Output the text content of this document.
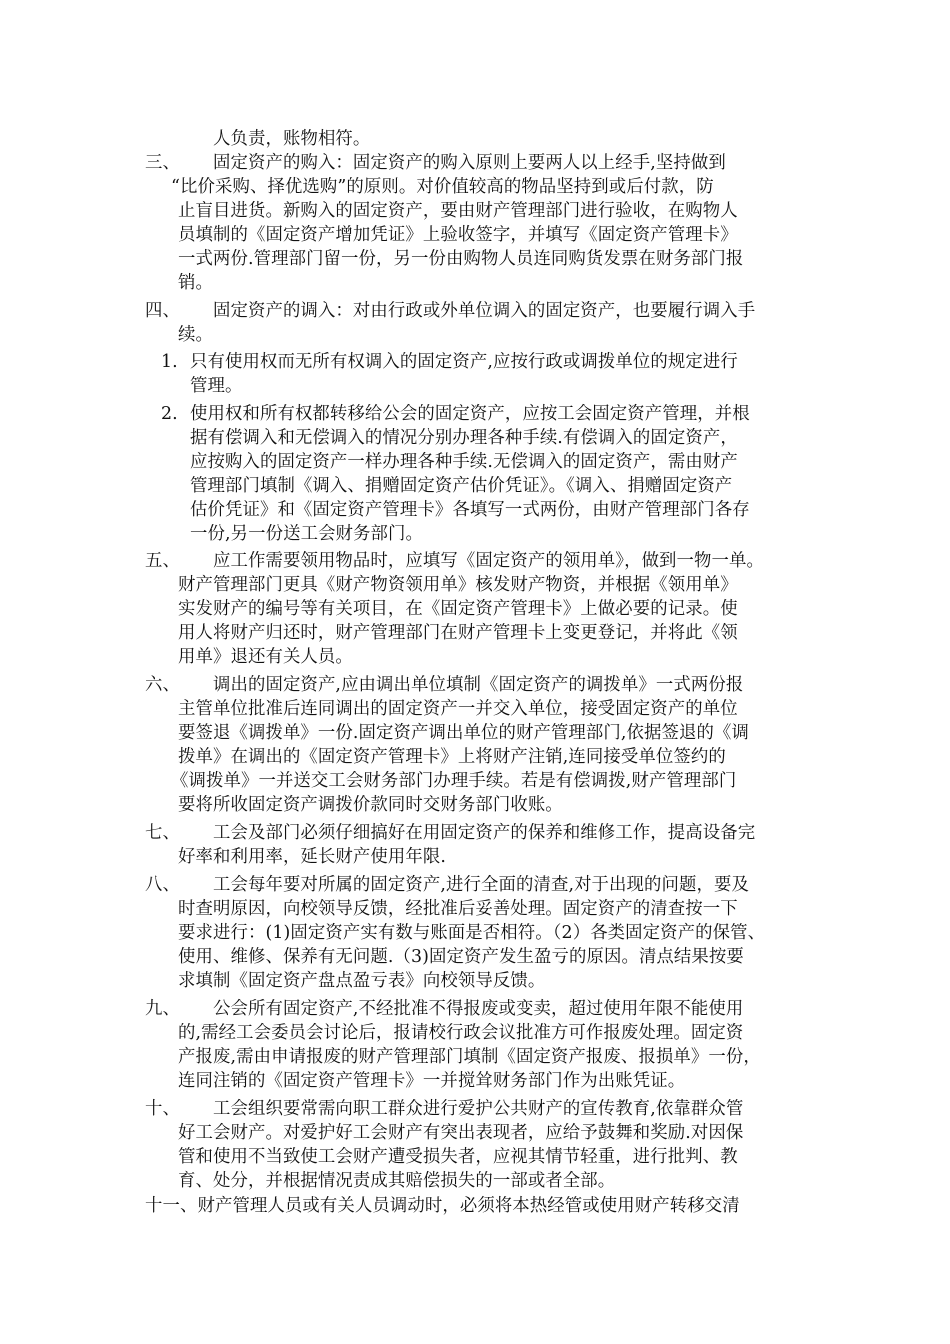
人负责，账物相符。
三、 固定资产的购入：固定资产的购入原则上要两人以上经手,坚持做到
“比价采购、择优选购”的原则。对价值较高的物品坚持到或后付款，防
止盲目进货。新购入的固定资产，要由财产管理部门进行验收，在购物人
员填制的《固定资产增加凭证》上验收签字，并填写《固定资产管理卡》
一式两份.管理部门留一份，另一份由购物人员连同购货发票在财务部门报
销。
四、 固定资产的调入：对由行政或外单位调入的固定资产，也要履行调入手
续。
1. 只有使用权而无所有权调入的固定资产,应按行政或调拨单位的规定进行
管理。
2. 使用权和所有权都转移给公会的固定资产，应按工会固定资产管理，并根
据有偿调入和无偿调入的情况分别办理各种手续.有偿调入的固定资产，
应按购入的固定资产一样办理各种手续.无偿调入的固定资产，需由财产
管理部门填制《调入、捐赠固定资产估价凭证》。《调入、捐赠固定资产
估价凭证》和《固定资产管理卡》各填写一式两份，由财产管理部门各存
一份,另一份送工会财务部门。
五、 应工作需要领用物品时，应填写《固定资产的领用单》，做到一物一单。
财产管理部门更具《财产物资领用单》核发财产物资，并根据《领用单》
实发财产的编号等有关项目，在《固定资产管理卡》上做必要的记录。使
用人将财产归还时，财产管理部门在财产管理卡上变更登记，并将此《领
用单》退还有关人员。
六、 调出的固定资产,应由调出单位填制《固定资产的调拨单》一式两份报
主管单位批准后连同调出的固定资产一并交入单位，接受固定资产的单位
要签退《调拨单》一份.固定资产调出单位的财产管理部门,依据签退的《调
拨单》在调出的《固定资产管理卡》上将财产注销,连同接受单位签约的
《调拨单》一并送交工会财务部门办理手续。若是有偿调拨,财产管理部门
要将所收固定资产调拨价款同时交财务部门收账。
七、 工会及部门必须仔细搞好在用固定资产的保养和维修工作，提高设备完
好率和利用率，延长财产使用年限.
八、 工会每年要对所属的固定资产,进行全面的清查,对于出现的问题，要及
时查明原因，向校领导反馈，经批准后妥善处理。固定资产的清查按一下
要求进行：(1)固定资产实有数与账面是否相符。（2）各类固定资产的保管、
使用、维修、保养有无问题.（3)固定资产发生盈亏的原因。清点结果按要
求填制《固定资产盘点盈亏表》向校领导反馈。
九、 公会所有固定资产,不经批准不得报废或变卖，超过使用年限不能使用
的,需经工会委员会讨论后，报请校行政会议批准方可作报废处理。固定资
产报废,需由申请报废的财产管理部门填制《固定资产报废、报损单》一份，
连同注销的《固定资产管理卡》一并搅耸财务部门作为出账凭证。
十、 工会组织要常需向职工群众进行爱护公共财产的宣传教育,依靠群众管
好工会财产。对爱护好工会财产有突出表现者，应给予鼓舞和奖励.对因保
管和使用不当致使工会财产遭受损失者，应视其情节轻重，进行批判、教
育、处分，并根据情况责成其赔偿损失的一部或者全部。
十一、财产管理人员或有关人员调动时，必须将本热经管或使用财产转移交清
